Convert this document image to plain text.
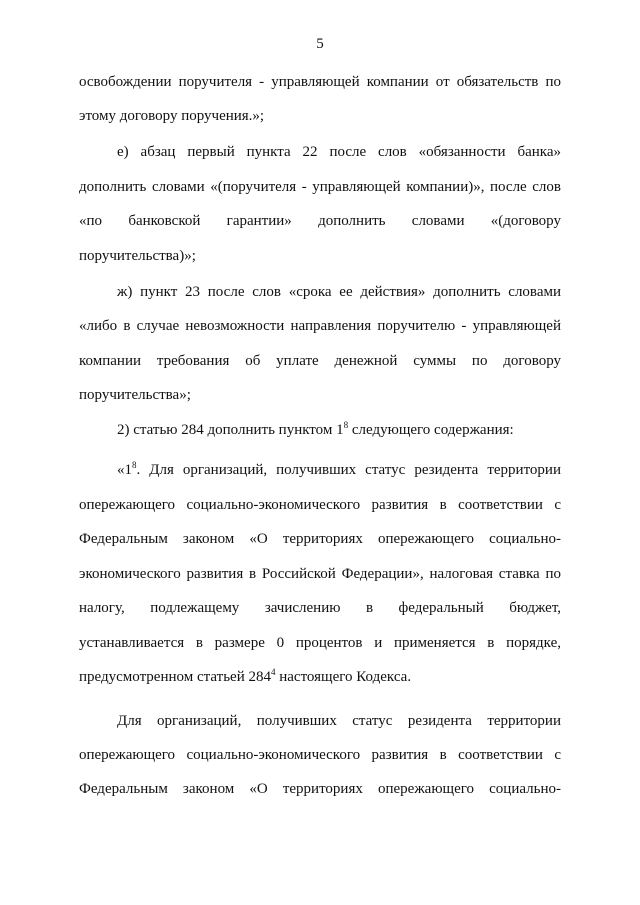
5
освобождении поручителя - управляющей компании от обязательств по
этому договору поручения.»;
е) абзац первый пункта 22 после слов «обязанности банка»
дополнить словами «(поручителя - управляющей компании)», после слов
«по банковской гарантии» дополнить словами «(договору
поручительства)»;
ж) пункт 23 после слов «срока ее действия» дополнить словами
«либо в случае невозможности направления поручителю - управляющей
компании требования об уплате денежной суммы по договору
поручительства»;
2) статью 284 дополнить пунктом $1^8$ следующего содержания:
«$1^8$. Для организаций, получивших статус резидента территории
опережающего социально-экономического развития в соответствии с
Федеральным законом «О территориях опережающего социально-
экономического развития в Российской Федерации», налоговая ставка по
налогу, подлежащему зачислению в федеральный бюджет,
устанавливается в размере 0 процентов и применяется в порядке,
предусмотренном статьей $284^4$ настоящего Кодекса.
Для организаций, получивших статус резидента территории
опережающего социально-экономического развития в соответствии с
Федеральным законом «О территориях опережающего социально-
